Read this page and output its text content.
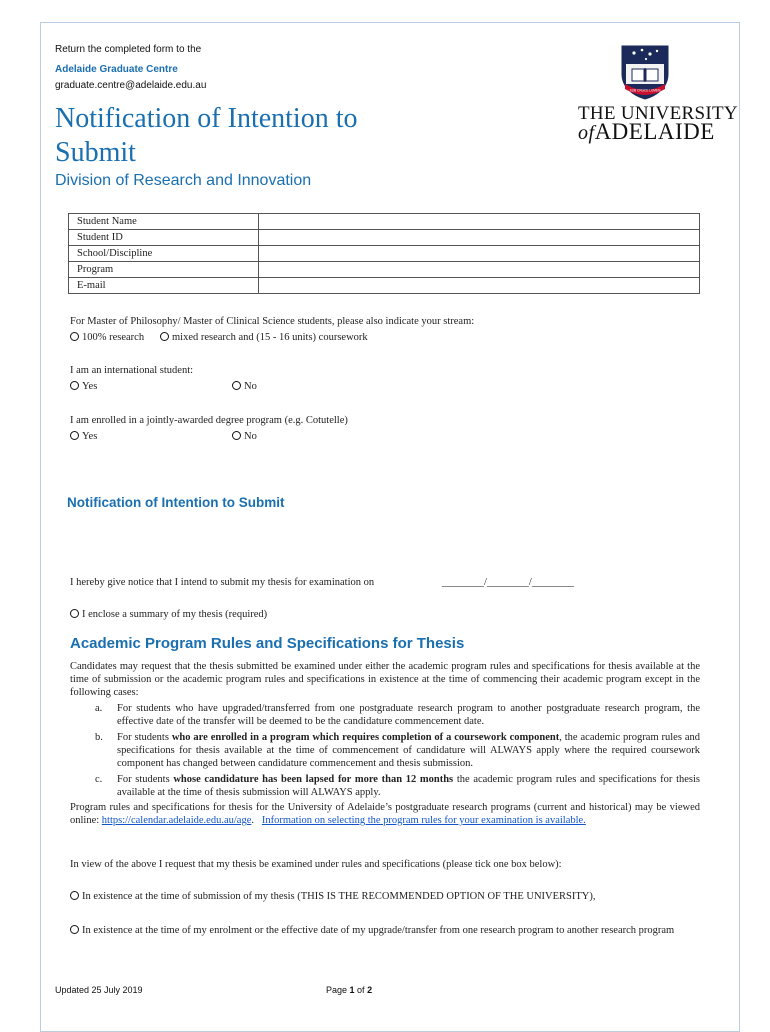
Return the completed form to the
Adelaide Graduate Centre
graduate.centre@adelaide.edu.au
Notification of Intention to Submit
Division of Research and Innovation
SUB CRUCE LUMEN
THE UNIVERSITY
ofADELAIDE
Student Name	
Student ID	
School/Discipline	
Program	
E-mail	
For Master of Philosophy/ Master of Clinical Science students, please also indicate your stream:
100% research	mixed research and (15 - 16 units) coursework
I am an international student:
Yes	No
I am enrolled in a jointly-awarded degree program (e.g. Cotutelle)
Yes	No
Notification of Intention to Submit
I hereby give notice that I intend to submit my thesis for examination on	________/________/________
I enclose a summary of my thesis (required)
Academic Program Rules and Specifications for Thesis
Candidates may request that the thesis submitted be examined under either the academic program rules and specifications for thesis available at the time of submission or the academic program rules and specifications in existence at the time of commencing their academic program except in the following cases:
a. For students who have upgraded/transferred from one postgraduate research program to another postgraduate research program, the effective date of the transfer will be deemed to be the candidature commencement date.
b. For students who are enrolled in a program which requires completion of a coursework component, the academic program rules and specifications for thesis available at the time of commencement of candidature will ALWAYS apply where the required coursework component has changed between candidature commencement and thesis submission.
c. For students whose candidature has been lapsed for more than 12 months the academic program rules and specifications for thesis available at the time of thesis submission will ALWAYS apply.
Program rules and specifications for thesis for the University of Adelaide’s postgraduate research programs (current and historical) may be viewed online: https://calendar.adelaide.edu.au/age.   Information on selecting the program rules for your examination is available.
In view of the above I request that my thesis be examined under rules and specifications (please tick one box below):
In existence at the time of submission of my thesis (THIS IS THE RECOMMENDED OPTION OF THE UNIVERSITY),
In existence at the time of my enrolment or the effective date of my upgrade/transfer from one research program to another research program
Updated 25 July 2019	Page 1 of 2
